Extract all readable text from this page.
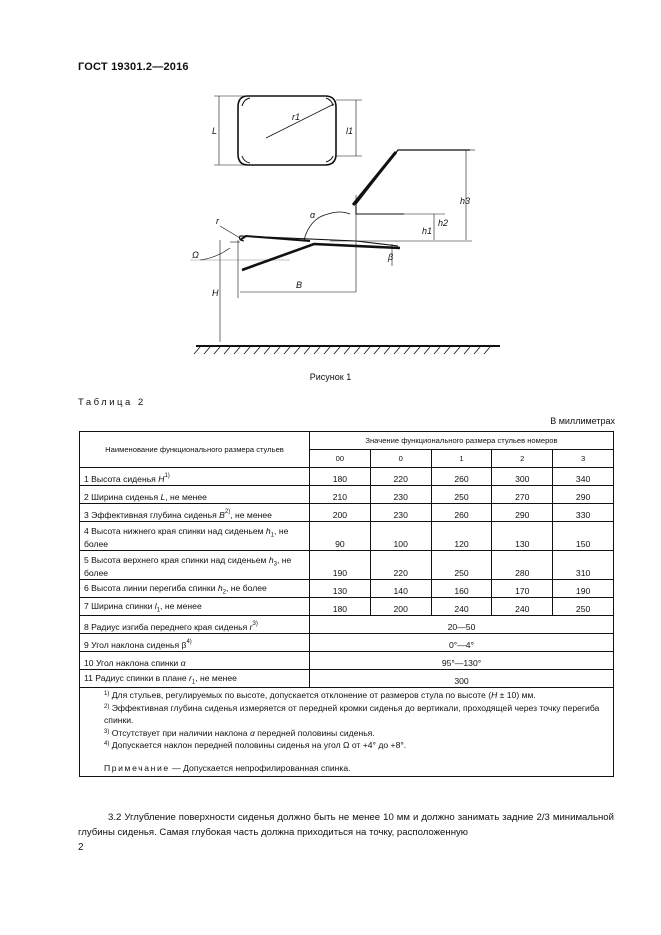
ГОСТ 19301.2—2016
L
r1
l1
r
α
h1
h2
h3
Ω	β
B
H
Рисунок 1
Таблица 2
В миллиметрах
Наименование функционального размера стульев	Значение функционального размера стульев номеров				
	00	0	1	2	3
1 Высота сиденья $H^{1)}$	180	220	260	300	340
2 Ширина сиденья L, не менее	210	230	250	270	290
3 Эффективная глубина сиденья $B^{2)}$, не менее	200	230	260	290	330
4 Высота нижнего края спинки над сиденьем $h_1$, не более	90	100	120	130	150
5 Высота верхнего края спинки над сиденьем $h_3$, не более	190	220	250	280	310
6 Высота линии перегиба спинки $h_2$, не более	130	140	160	170	190
7 Ширина спинки $l_1$, не менее	180	200	240	240	250
8 Радиус изгиба переднего края сиденья $r^{3)}$	20—50				
9 Угол наклона сиденья $\beta^{4)}$	0°—4°				
10 Угол наклона спинки α	95°—130°				
11 Радиус спинки в плане $r_1$, не менее	300				

$^{1)}$ Для стульев, регулируемых по высоте, допускается отклонение от размеров стула по высоте (H ± 10) мм.
$^{2)}$ Эффективная глубина сиденья измеряется от передней кромки сиденья до вертикали, проходящей через точку перегиба спинки.
$^{3)}$ Отсутствует при наличии наклона α передней половины сиденья.
$^{4)}$ Допускается наклон передней половины сиденья на угол Ω от +4° до +8°.
Примечание — Допускается непрофилированная спинка.					
3.2 Углубление поверхности сиденья должно быть не менее 10 мм и должно занимать задние 2/3 минимальной глубины сиденья. Самая глубокая часть должна приходиться на точку, расположенную
2
